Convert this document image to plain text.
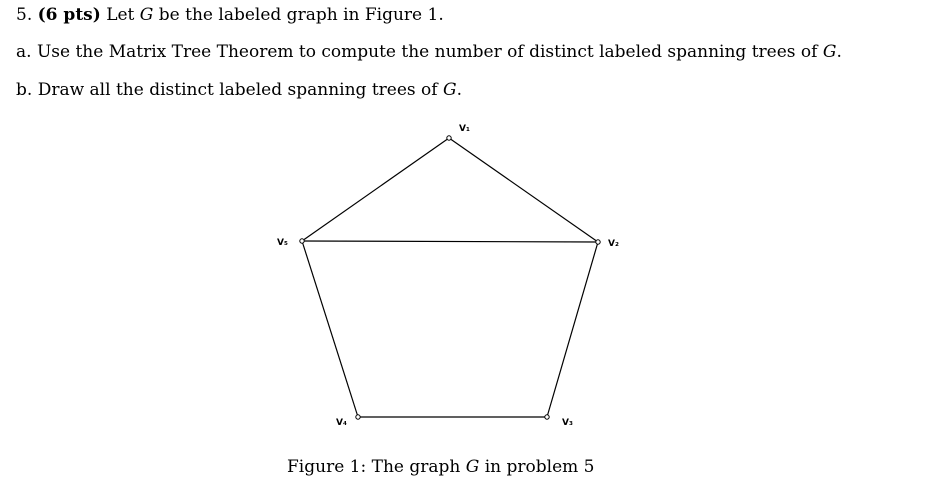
5. (6 pts) Let G be the labeled graph in Figure 1.
a. Use the Matrix Tree Theorem to compute the number of distinct labeled spanning trees of G.
b. Draw all the distinct labeled spanning trees of G.
V₁
V₂
V₃
V₄
V₅
Figure 1: The graph G in problem 5
